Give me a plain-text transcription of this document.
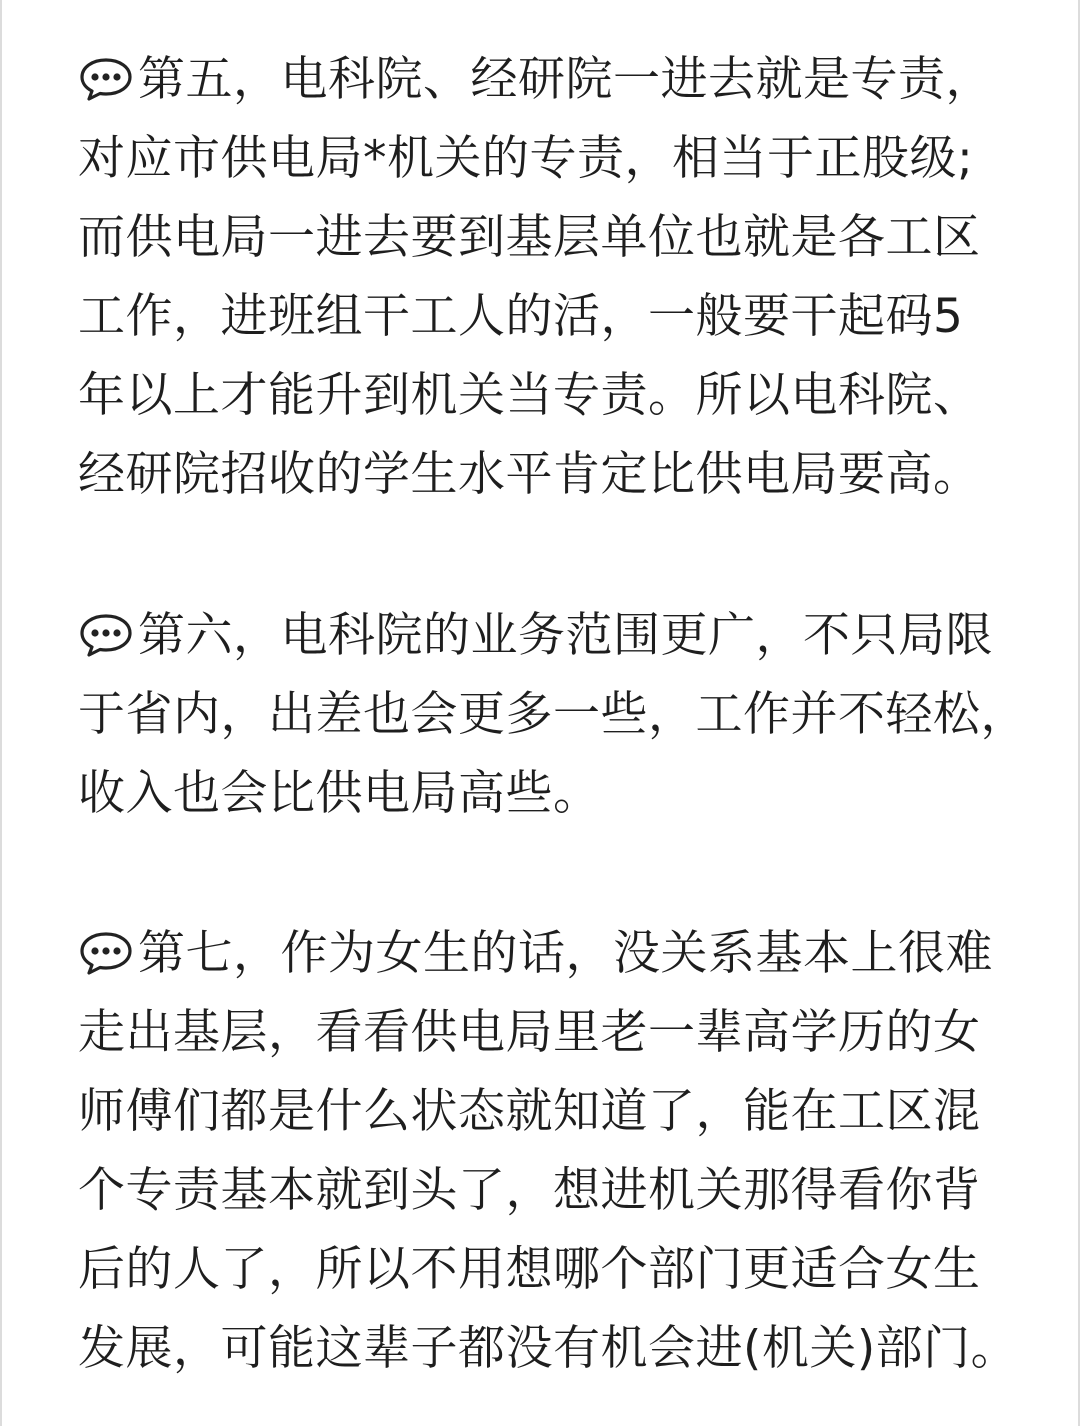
第五，电科院、经研院一进去就是专责，
对应市供电局*机关的专责，相当于正股级;
而供电局一进去要到基层单位也就是各工区
工作，进班组干工人的活，一般要干起码5
年以上才能升到机关当专责。所以电科院、
经研院招收的学生水平肯定比供电局要高。

第六，电科院的业务范围更广，不只局限
于省内，出差也会更多一些，工作并不轻松，
收入也会比供电局高些。

第七，作为女生的话，没关系基本上很难
走出基层，看看供电局里老一辈高学历的女
师傅们都是什么状态就知道了，能在工区混
个专责基本就到头了，想进机关那得看你背
后的人了，所以不用想哪个部门更适合女生
发展，可能这辈子都没有机会进(机关)部门。
